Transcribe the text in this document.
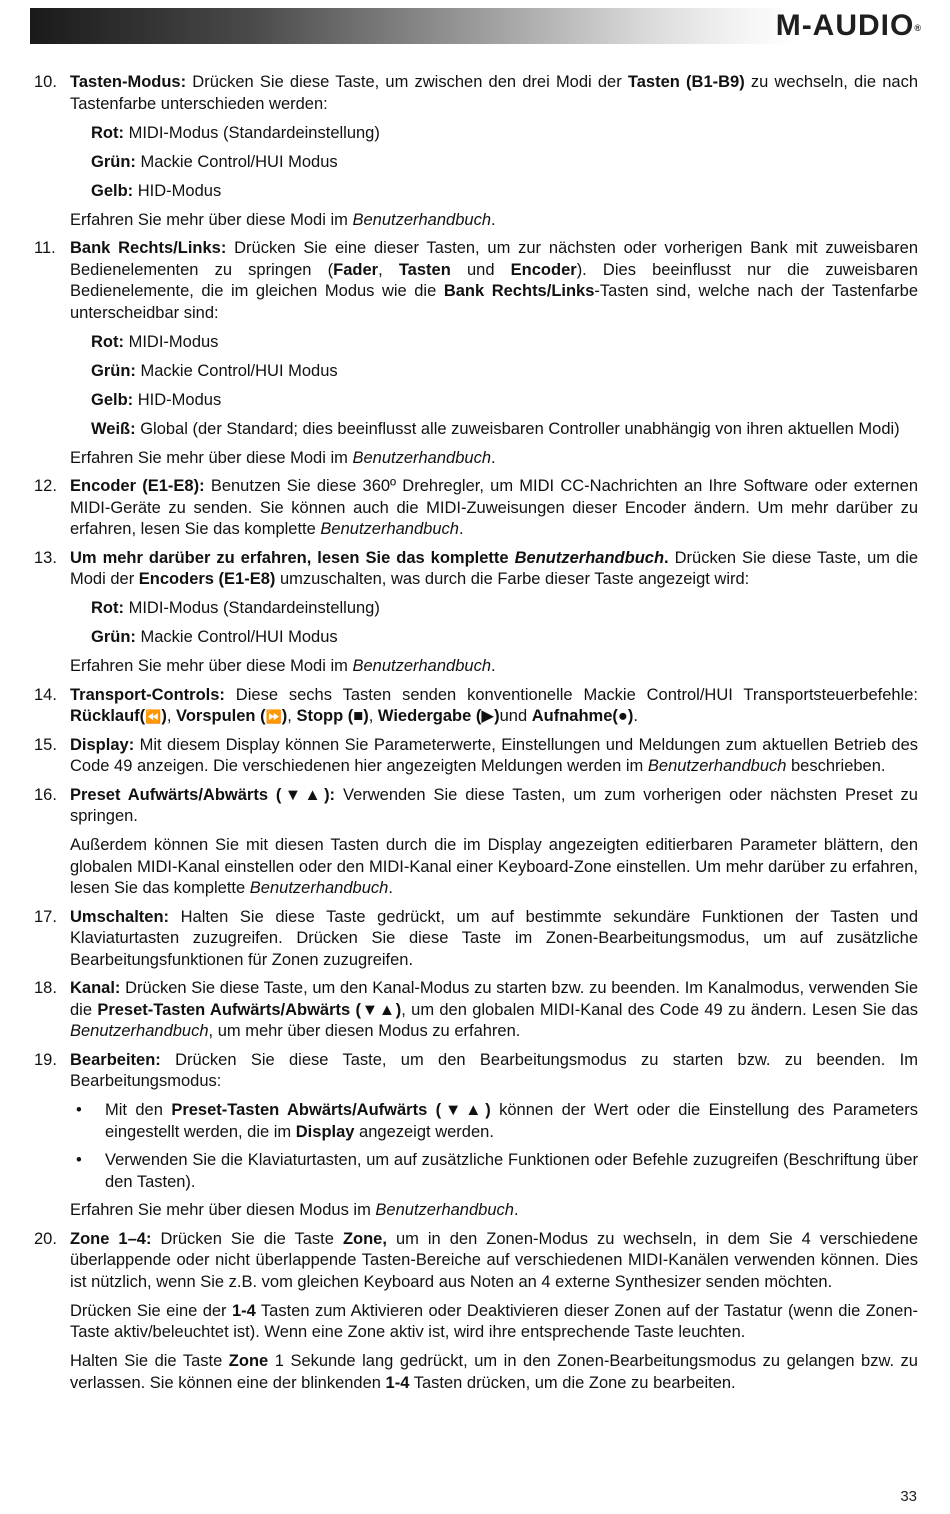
M-AUDIO®
10. Tasten-Modus: Drücken Sie diese Taste, um zwischen den drei Modi der Tasten (B1-B9) zu wechseln, die nach Tastenfarbe unterschieden werden:

Rot: MIDI-Modus (Standardeinstellung)

Grün: Mackie Control/HUI Modus

Gelb: HID-Modus

Erfahren Sie mehr über diese Modi im Benutzerhandbuch.

11. Bank Rechts/Links: Drücken Sie eine dieser Tasten, um zur nächsten oder vorherigen Bank mit zuweisbaren Bedienelementen zu springen (Fader, Tasten und Encoder). Dies beeinflusst nur die zuweisbaren Bedienelemente, die im gleichen Modus wie die Bank Rechts/Links-Tasten sind, welche nach der Tastenfarbe unterscheidbar sind:

Rot: MIDI-Modus

Grün: Mackie Control/HUI Modus

Gelb: HID-Modus

Weiß: Global (der Standard; dies beeinflusst alle zuweisbaren Controller unabhängig von ihren aktuellen Modi)

Erfahren Sie mehr über diese Modi im Benutzerhandbuch.

12. Encoder (E1-E8): Benutzen Sie diese 360º Drehregler, um MIDI CC-Nachrichten an Ihre Software oder externen MIDI-Geräte zu senden. Sie können auch die MIDI-Zuweisungen dieser Encoder ändern. Um mehr darüber zu erfahren, lesen Sie das komplette Benutzerhandbuch.

13. Um mehr darüber zu erfahren, lesen Sie das komplette Benutzerhandbuch. Drücken Sie diese Taste, um die Modi der Encoders (E1-E8) umzuschalten, was durch die Farbe dieser Taste angezeigt wird:

Rot: MIDI-Modus (Standardeinstellung)

Grün: Mackie Control/HUI Modus

Erfahren Sie mehr über diese Modi im Benutzerhandbuch.

14. Transport-Controls: Diese sechs Tasten senden konventionelle Mackie Control/HUI Transportsteuerbefehle: Rücklauf(⏪), Vorspulen (⏩), Stopp (■), Wiedergabe (▶)und Aufnahme(●).

15. Display: Mit diesem Display können Sie Parameterwerte, Einstellungen und Meldungen zum aktuellen Betrieb des Code 49 anzeigen. Die verschiedenen hier angezeigten Meldungen werden im Benutzerhandbuch beschrieben.

16. Preset Aufwärts/Abwärts (▼▲): Verwenden Sie diese Tasten, um zum vorherigen oder nächsten Preset zu springen.

Außerdem können Sie mit diesen Tasten durch die im Display angezeigten editierbaren Parameter blättern, den globalen MIDI-Kanal einstellen oder den MIDI-Kanal einer Keyboard-Zone einstellen. Um mehr darüber zu erfahren, lesen Sie das komplette Benutzerhandbuch.

17. Umschalten: Halten Sie diese Taste gedrückt, um auf bestimmte sekundäre Funktionen der Tasten und Klaviaturtasten zuzugreifen. Drücken Sie diese Taste im Zonen-Bearbeitungsmodus, um auf zusätzliche Bearbeitungsfunktionen für Zonen zuzugreifen.

18. Kanal: Drücken Sie diese Taste, um den Kanal-Modus zu starten bzw. zu beenden. Im Kanalmodus, verwenden Sie die Preset-Tasten Aufwärts/Abwärts (▼▲), um den globalen MIDI-Kanal des Code 49 zu ändern. Lesen Sie das Benutzerhandbuch, um mehr über diesen Modus zu erfahren.

19. Bearbeiten: Drücken Sie diese Taste, um den Bearbeitungsmodus zu starten bzw. zu beenden. Im Bearbeitungsmodus:

•	Mit den Preset-Tasten Abwärts/Aufwärts (▼▲) können der Wert oder die Einstellung des Parameters eingestellt werden, die im Display angezeigt werden.
•	Verwenden Sie die Klaviaturtasten, um auf zusätzliche Funktionen oder Befehle zuzugreifen (Beschriftung über den Tasten).

Erfahren Sie mehr über diesen Modus im Benutzerhandbuch.

20. Zone 1–4: Drücken Sie die Taste Zone, um in den Zonen-Modus zu wechseln, in dem Sie 4 verschiedene überlappende oder nicht überlappende Tasten-Bereiche auf verschiedenen MIDI-Kanälen verwenden können. Dies ist nützlich, wenn Sie z.B. vom gleichen Keyboard aus Noten an 4 externe Synthesizer senden möchten.

Drücken Sie eine der 1-4 Tasten zum Aktivieren oder Deaktivieren dieser Zonen auf der Tastatur (wenn die Zonen-Taste aktiv/beleuchtet ist). Wenn eine Zone aktiv ist, wird ihre entsprechende Taste leuchten.

Halten Sie die Taste Zone 1 Sekunde lang gedrückt, um in den Zonen-Bearbeitungsmodus zu gelangen bzw. zu verlassen. Sie können eine der blinkenden 1-4 Tasten drücken, um die Zone zu bearbeiten.

33
